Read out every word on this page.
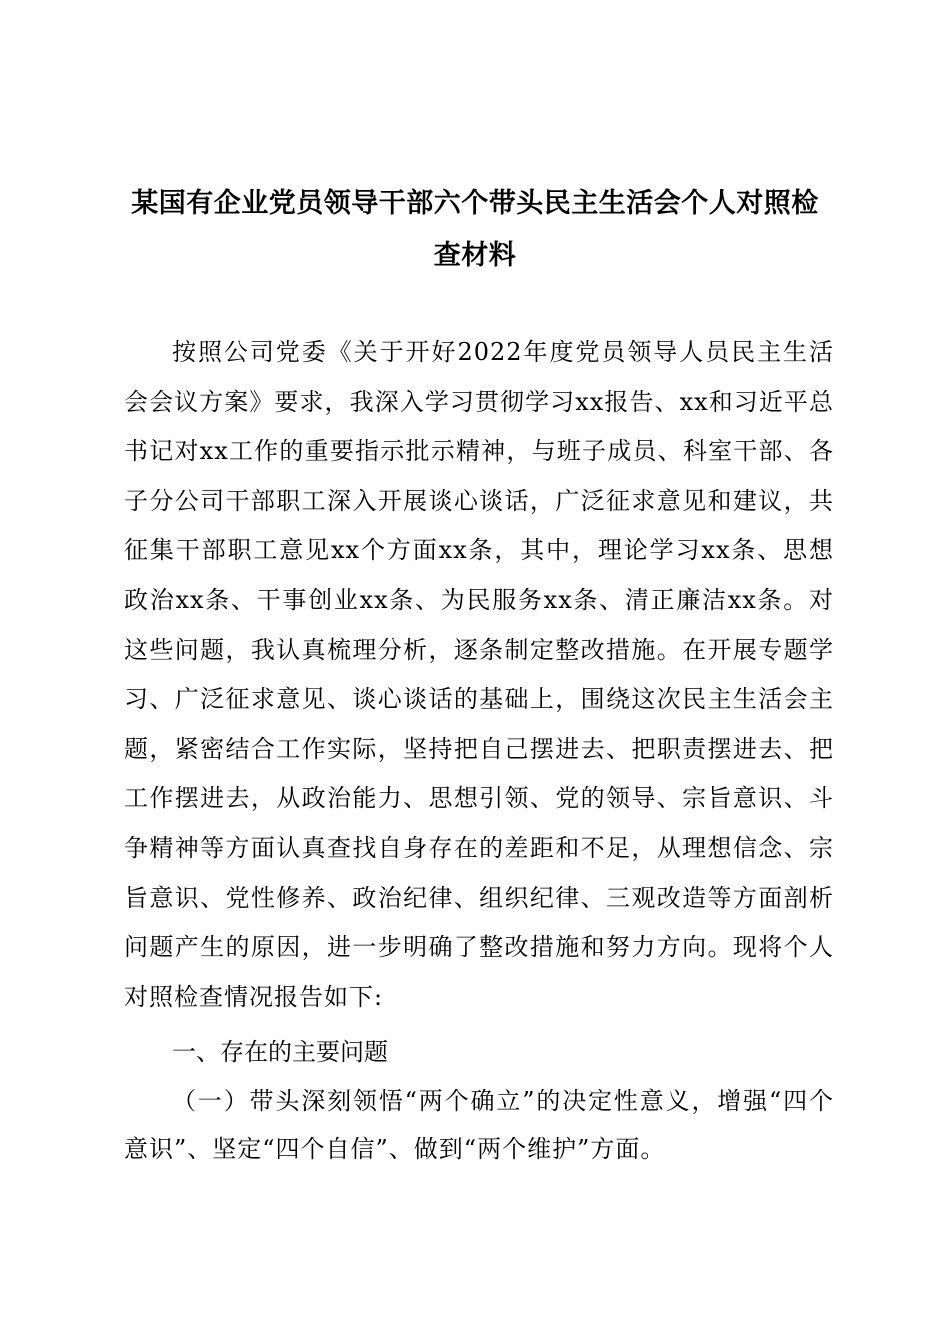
某国有企业党员领导干部六个带头民主生活会个人对照检查材料

按照公司党委《关于开好2022年度党员领导人员民主生活会会议方案》要求，我深入学习贯彻学习xx报告、xx和习近平总书记对xx工作的重要指示批示精神，与班子成员、科室干部、各子分公司干部职工深入开展谈心谈话，广泛征求意见和建议，共征集干部职工意见xx个方面xx条，其中，理论学习xx条、思想政治xx条、干事创业xx条、为民服务xx条、清正廉洁xx条。对这些问题，我认真梳理分析，逐条制定整改措施。在开展专题学习、广泛征求意见、谈心谈话的基础上，围绕这次民主生活会主题，紧密结合工作实际，坚持把自己摆进去、把职责摆进去、把工作摆进去，从政治能力、思想引领、党的领导、宗旨意识、斗争精神等方面认真查找自身存在的差距和不足，从理想信念、宗旨意识、党性修养、政治纪律、组织纪律、三观改造等方面剖析问题产生的原因，进一步明确了整改措施和努力方向。现将个人对照检查情况报告如下:

一、存在的主要问题

（一）带头深刻领悟“两个确立”的决定性意义，增强“四个意识”、坚定“四个自信”、做到“两个维护”方面。
